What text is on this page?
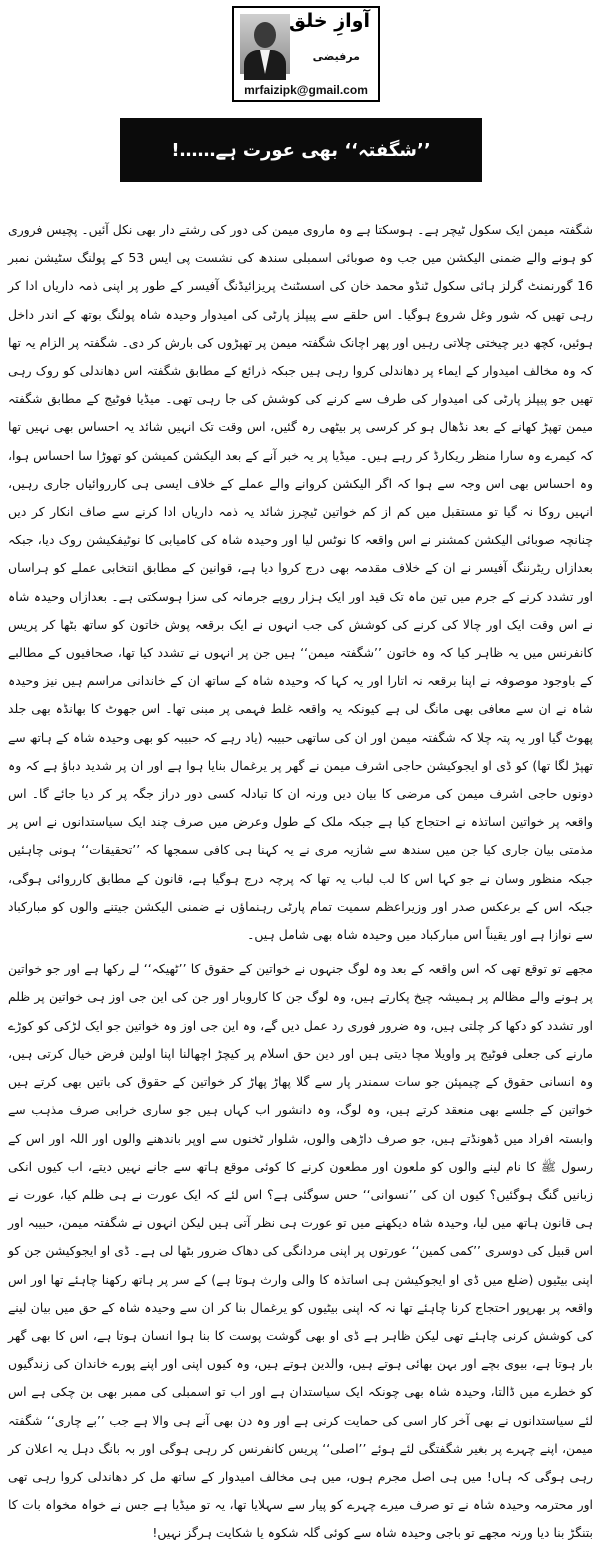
آوازِ خلق
مرفیضی
mrfaizipk@gmail.com
’’شگفتہ‘‘ بھی عورت ہے……!

شگفتہ میمن ایک سکول ٹیچر ہے۔ ہوسکتا ہے وہ ماروی میمن کی دور کی رشتے دار بھی نکل آئیں۔ پچیس فروری کو ہونے والے ضمنی الیکشن میں جب وہ صوبائی اسمبلی سندھ کی نشست پی ایس 53 کے پولنگ سٹیشن نمبر 16 گورنمنٹ گرلز ہائی سکول ٹنڈو محمد خان کی اسسٹنٹ پریزائیڈنگ آفیسر کے طور پر اپنی ذمہ داریاں ادا کر رہی تھیں کہ شور وغل شروع ہوگیا۔ اس حلقے سے پیپلز پارٹی کی امیدوار وحیدہ شاہ پولنگ بوتھ کے اندر داخل ہوئیں، کچھ دیر چیختی چلاتی رہیں اور پھر اچانک شگفتہ میمن پر تھپڑوں کی بارش کر دی۔ شگفتہ پر الزام یہ تھا کہ وہ مخالف امیدوار کے ایماء پر دھاندلی کروا رہی ہیں جبکہ ذرائع کے مطابق شگفتہ اس دھاندلی کو روک رہی تھیں جو پیپلز پارٹی کی امیدوار کی طرف سے کرنے کی کوشش کی جا رہی تھی۔ میڈیا فوٹیج کے مطابق شگفتہ میمن تھپڑ کھانے کے بعد نڈھال ہو کر کرسی پر بیٹھی رہ گئیں، اس وقت تک انہیں شائد یہ احساس بھی نہیں تھا کہ کیمرے وہ سارا منظر ریکارڈ کر رہے ہیں۔ میڈیا پر یہ خبر آنے کے بعد الیکشن کمیشن کو تھوڑا سا احساس ہوا، وہ احساس بھی اس وجہ سے ہوا کہ اگر الیکشن کروانے والے عملے کے خلاف ایسی ہی کارروائیاں جاری رہیں، انہیں روکا نہ گیا تو مستقبل میں کم از کم خواتین ٹیچرز شائد یہ ذمہ داریاں ادا کرنے سے صاف انکار کر دیں چنانچہ صوبائی الیکشن کمشنر نے اس واقعہ کا نوٹس لیا اور وحیدہ شاہ کی کامیابی کا نوٹیفکیشن روک دیا، جبکہ بعدازاں ریٹرننگ آفیسر نے ان کے خلاف مقدمہ بھی درج کروا دیا ہے، قوانین کے مطابق انتخابی عملے کو ہراساں اور تشدد کرنے کے جرم میں تین ماہ تک قید اور ایک ہزار روپے جرمانہ کی سزا ہوسکتی ہے۔ بعدازاں وحیدہ شاہ نے اس وقت ایک اور چالا کی کرنے کی کوشش کی جب انہوں نے ایک برقعہ پوش خاتون کو ساتھ بٹھا کر پریس کانفرنس میں یہ ظاہر کیا کہ وہ خاتون ’’شگفتہ میمن‘‘ ہیں جن پر انہوں نے تشدد کیا تھا، صحافیوں کے مطالبے کے باوجود موصوفہ نے اپنا برقعہ نہ اتارا اور یہ کہا کہ وحیدہ شاہ کے ساتھ ان کے خاندانی مراسم ہیں نیز وحیدہ شاہ نے ان سے معافی بھی مانگ لی ہے کیونکہ یہ واقعہ غلط فہمی پر مبنی تھا۔ اس جھوٹ کا بھانڈہ بھی جلد پھوٹ گیا اور یہ پتہ چلا کہ شگفتہ میمن اور ان کی ساتھی حبیبہ (یاد رہے کہ حبیبہ کو بھی وحیدہ شاہ کے ہاتھ سے تھپڑ لگا تھا) کو ڈی او ایجوکیشن حاجی اشرف میمن نے گھر پر یرغمال بنایا ہوا ہے اور ان پر شدید دباؤ ہے کہ وہ دونوں حاجی اشرف میمن کی مرضی کا بیان دیں ورنہ ان کا تبادلہ کسی دور دراز جگہ پر کر دیا جائے گا۔ اس واقعہ پر خواتین اساتذہ نے احتجاج کیا ہے جبکہ ملک کے طول وعرض میں صرف چند ایک سیاستدانوں نے اس پر مذمتی بیان جاری کیا جن میں سندھ سے شازیہ مری نے یہ کہنا ہی کافی سمجھا کہ ’’تحقیقات‘‘ ہونی چاہئیں جبکہ منظور وسان نے جو کہا اس کا لب لباب یہ تھا کہ پرچہ درج ہوگیا ہے، قانون کے مطابق کارروائی ہوگی، جبکہ اس کے برعکس صدر اور وزیراعظم سمیت تمام پارٹی رہنماؤں نے ضمنی الیکشن جیتنے والوں کو مبارکباد سے نوازا ہے اور یقیناً اس مبارکباد میں وحیدہ شاہ بھی شامل ہیں۔

مجھے تو توقع تھی کہ اس واقعہ کے بعد وہ لوگ جنہوں نے خواتین کے حقوق کا ’’ٹھیکہ‘‘ لے رکھا ہے اور جو خواتین پر ہونے والے مظالم پر ہمیشہ چیخ پکارتے ہیں، وہ لوگ جن کا کاروبار اور جن کی این جی اوز ہی خواتین پر ظلم اور تشدد کو دکھا کر چلتی ہیں، وہ ضرور فوری رد عمل دیں گے، وہ این جی اوز وہ خواتین جو ایک لڑکی کو کوڑے مارنے کی جعلی فوٹیج پر واویلا مچا دیتی ہیں اور دین حق اسلام پر کیچڑ اچھالنا اپنا اولین فرض خیال کرتی ہیں، وہ انسانی حقوق کے چیمپئن جو سات سمندر پار سے گلا پھاڑ پھاڑ کر خواتین کے حقوق کی باتیں بھی کرتے ہیں خواتین کے جلسے بھی منعقد کرتے ہیں، وہ لوگ، وہ دانشور اب کہاں ہیں جو ساری خرابی صرف مذہب سے وابستہ افراد میں ڈھونڈتے ہیں، جو صرف داڑھی والوں، شلوار ٹخنوں سے اوپر باندھنے والوں اور اللہ اور اس کے رسول ﷺ کا نام لینے والوں کو ملعون اور مطعون کرنے کا کوئی موقع ہاتھ سے جانے نہیں دیتے، اب کیوں انکی زبانیں گنگ ہوگئیں؟ کیوں ان کی ’’نسوانی‘‘ حس سوگئی ہے؟ اس لئے کہ ایک عورت نے ہی ظلم کیا، عورت نے ہی قانون ہاتھ میں لیا، وحیدہ شاہ دیکھنے میں تو عورت ہی نظر آتی ہیں لیکن انہوں نے شگفتہ میمن، حبیبہ اور اس قبیل کی دوسری ’’کمی کمین‘‘ عورتوں پر اپنی مردانگی کی دھاک ضرور بٹھا لی ہے۔ ڈی او ایجوکیشن جن کو اپنی بیٹیوں (ضلع میں ڈی او ایجوکیشن ہی اساتذہ کا والی وارث ہوتا ہے) کے سر پر ہاتھ رکھنا چاہئے تھا اور اس واقعہ پر بھرپور احتجاج کرنا چاہئے تھا نہ کہ اپنی بیٹیوں کو یرغمال بنا کر ان سے وحیدہ شاہ کے حق میں بیان لینے کی کوشش کرنی چاہئے تھی لیکن ظاہر ہے ڈی او بھی گوشت پوست کا بنا ہوا انسان ہوتا ہے، اس کا بھی گھر بار ہوتا ہے، بیوی بچے اور بہن بھائی ہوتے ہیں، والدین ہوتے ہیں، وہ کیوں اپنی اور اپنے پورے خاندان کی زندگیوں کو خطرے میں ڈالتا، وحیدہ شاہ بھی چونکہ ایک سیاستدان ہے اور اب تو اسمبلی کی ممبر بھی بن چکی ہے اس لئے سیاستدانوں نے بھی آخر کار اسی کی حمایت کرنی ہے اور وہ دن بھی آنے ہی والا ہے جب ’’بے چاری‘‘ شگفتہ میمن، اپنے چہرے پر بغیر شگفتگی لئے ہوئے ’’اصلی‘‘ پریس کانفرنس کر رہی ہوگی اور بہ بانگ دہل یہ اعلان کر رہی ہوگی کہ ہاں! میں ہی اصل مجرم ہوں، میں ہی مخالف امیدوار کے ساتھ مل کر دھاندلی کروا رہی تھی اور محترمہ وحیدہ شاہ نے تو صرف میرے چہرے کو پیار سے سہلایا تھا، یہ تو میڈیا ہے جس نے خواہ مخواہ بات کا بتنگڑ بنا دیا ورنہ مجھے تو باجی وحیدہ شاہ سے کوئی گلہ شکوہ یا شکایت ہرگز نہیں!
